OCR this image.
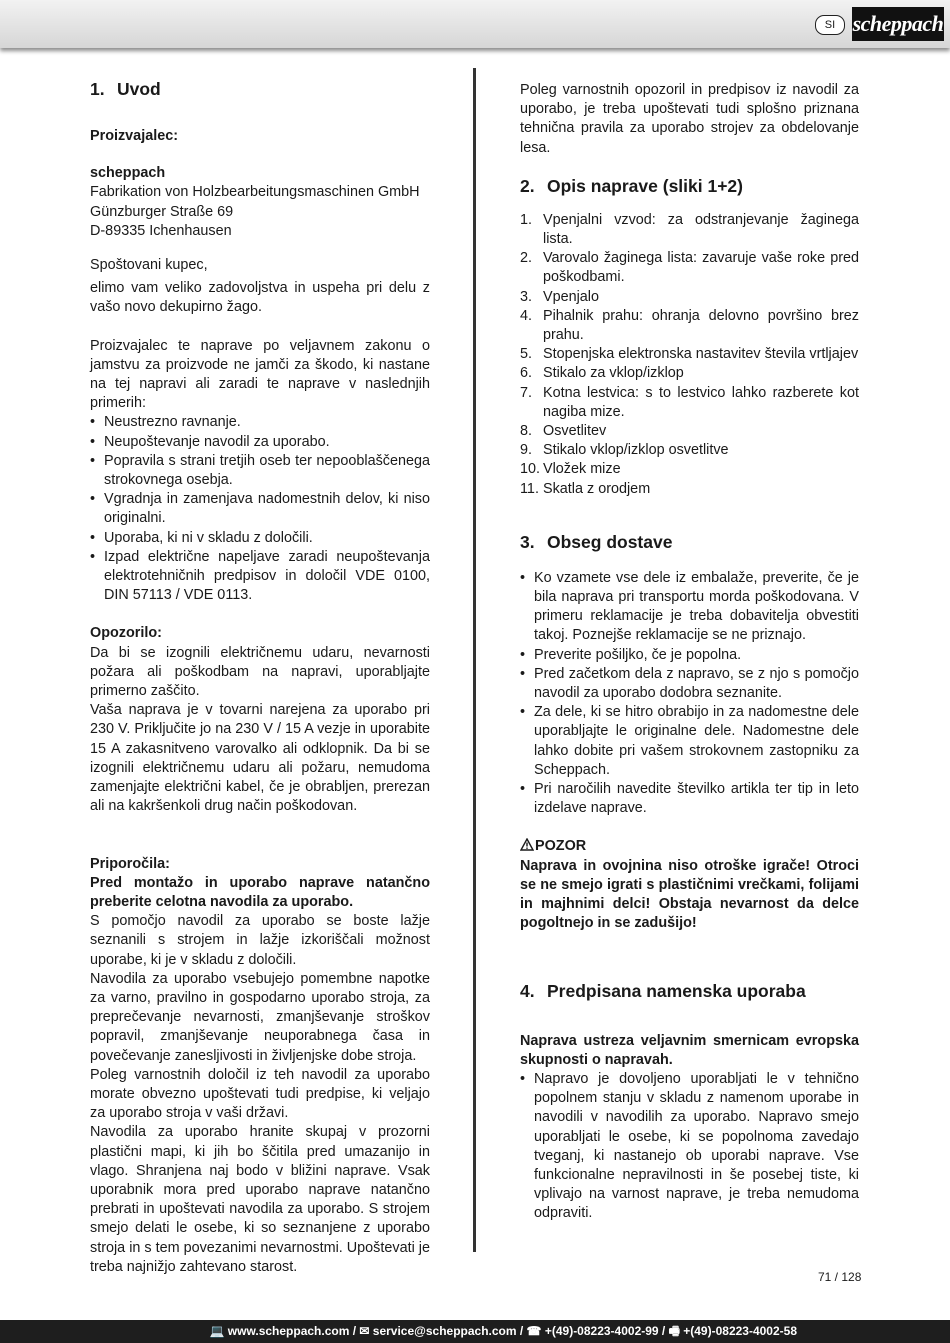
SI scheppach
1. Uvod

Proizvajalec:

scheppach

Fabrikation von Holzbearbeitungsmaschinen GmbH

Günzburger Straße 69

D-89335 Ichenhausen

Spoštovani kupec,

elimo vam veliko zadovoljstva in uspeha pri delu z vašo novo dekupirno žago.

Proizvajalec te naprave po veljavnem zakonu o jamstvu za proizvode ne jamči za škodo, ki nastane na tej napravi ali zaradi te naprave v naslednjih primerih:

• Neustrezno ravnanje.
• Neupoštevanje navodil za uporabo.
• Popravila s strani tretjih oseb ter nepooblaščenega strokovnega osebja.
• Vgradnja in zamenjava nadomestnih delov, ki niso originalni.
• Uporaba, ki ni v skladu z določili.
• Izpad električne napeljave zaradi neupoštevanja elektrotehničnih predpisov in določil VDE 0100, DIN 57113 / VDE 0113.

Opozorilo:

Da bi se izognili električnemu udaru, nevarnosti požara ali poškodbam na napravi, uporabljajte primerno zaščito.

Vaša naprava je v tovarni narejena za uporabo pri 230 V. Priključite jo na 230 V / 15 A vezje in uporabite 15 A zakasnitveno varovalko ali odklopnik. Da bi se izognili električnemu udaru ali požaru, nemudoma zamenjajte električni kabel, če je obrabljen, prerezan ali na kakršenkoli drug način poškodovan.

Priporočila:

Pred montažo in uporabo naprave natančno preberite celotna navodila za uporabo.

S pomočjo navodil za uporabo se boste lažje seznanili s strojem in lažje izkoriščali možnost uporabe, ki je v skladu z določili.

Navodila za uporabo vsebujejo pomembne napotke za varno, pravilno in gospodarno uporabo stroja, za preprečevanje nevarnosti, zmanjševanje stroškov popravil, zmanjševanje neuporabnega časa in povečevanje zanesljivosti in življenjske dobe stroja.

Poleg varnostnih določil iz teh navodil za uporabo morate obvezno upoštevati tudi predpise, ki veljajo za uporabo stroja v vaši državi.

Navodila za uporabo hranite skupaj v prozorni plastični mapi, ki jih bo ščitila pred umazanijo in vlago. Shranjena naj bodo v bližini naprave. Vsak uporabnik mora pred uporabo naprave natančno prebrati in upoštevati navodila za uporabo. S strojem smejo delati le osebe, ki so seznanjene z uporabo stroja in s tem povezanimi nevarnostmi. Upoštevati je treba najnižjo zahtevano starost.

Poleg varnostnih opozoril in predpisov iz navodil za uporabo, je treba upoštevati tudi splošno priznana tehnična pravila za uporabo strojev za obdelovanje lesa.

2. Opis naprave (sliki 1+2)
1. Vpenjalni vzvod: za odstranjevanje žaginega lista.
2. Varovalo žaginega lista: zavaruje vaše roke pred poškodbami.
3. Vpenjalo
4. Pihalnik prahu: ohranja delovno površino brez prahu.
5. Stopenjska elektronska nastavitev števila vrtljajev
6. Stikalo za vklop/izklop
7. Kotna lestvica: s to lestvico lahko razberete kot nagiba mize.
8. Osvetlitev
9. Stikalo vklop/izklop osvetlitve
10. Vložek mize
11. Skatla z orodjem
3. Obseg dostave
• Ko vzamete vse dele iz embalaže, preverite, če je bila naprava pri transportu morda poškodovana. V primeru reklamacije je treba dobavitelja obvestiti takoj. Poznejše reklamacije se ne priznajo.
• Preverite pošiljko, če je popolna.
• Pred začetkom dela z napravo, se z njo s pomočjo navodil za uporabo dodobra seznanite.
• Za dele, ki se hitro obrabijo in za nadomestne dele uporabljajte le originalne dele. Nadomestne dele lahko dobite pri vašem strokovnem zastopniku za Scheppach.
• Pri naročilih navedite številko artikla ter tip in leto izdelave naprave.

POZOR

Naprava in ovojnina niso otroške igrače! Otroci se ne smejo igrati s plastičnimi vrečkami, folijami in majhnimi delci! Obstaja nevarnost da delce pogoltnejo in se zadušijo!

4. Predpisana namenska uporaba

Naprava ustreza veljavnim smernicam evropska skupnosti o napravah.

• Napravo je dovoljeno uporabljati le v tehnično popolnem stanju v skladu z namenom uporabe in navodili v navodilih za uporabo. Napravo smejo uporabljati le osebe, ki se popolnoma zavedajo tveganj, ki nastanejo ob uporabi naprave. Vse funkcionalne nepravilnosti in še posebej tiste, ki vplivajo na varnost naprave, je treba nemudoma odpraviti.
71 / 128
💻 www.scheppach.com / ✉ service@scheppach.com / ☎ +(49)-08223-4002-99 / 🖷 +(49)-08223-4002-58
